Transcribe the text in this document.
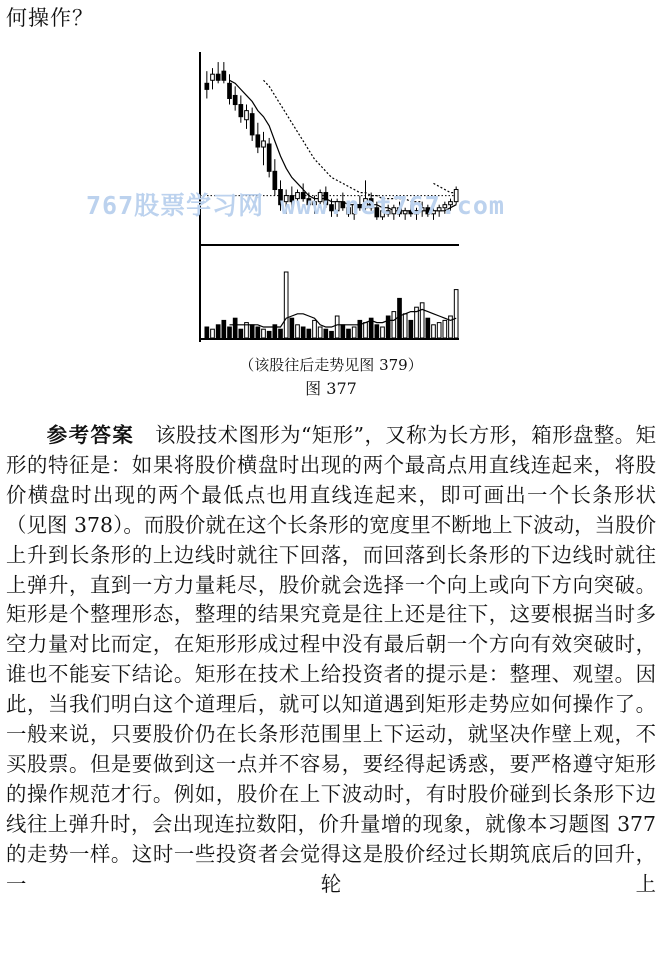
何操作？
767股票学习网 www.net767.com
（该股往后走势见图 379）
图 377

参考答案 该股技术图形为“矩形”，又称为长方形，箱形盘整。矩形的特征是：如果将股价横盘时出现的两个最高点用直线连起来，将股价横盘时出现的两个最低点也用直线连起来，即可画出一个长条形状（见图 378）。而股价就在这个长条形的宽度里不断地上下波动，当股价上升到长条形的上边线时就往下回落，而回落到长条形的下边线时就往上弹升，直到一方力量耗尽，股价就会选择一个向上或向下方向突破。矩形是个整理形态，整理的结果究竟是往上还是往下，这要根据当时多空力量对比而定，在矩形形成过程中没有最后朝一个方向有效突破时，谁也不能妄下结论。矩形在技术上给投资者的提示是：整理、观望。因此，当我们明白这个道理后，就可以知道遇到矩形走势应如何操作了。一般来说，只要股价仍在长条形范围里上下运动，就坚决作壁上观，不买股票。但是要做到这一点并不容易，要经得起诱惑，要严格遵守矩形的操作规范才行。例如，股价在上下波动时，有时股价碰到长条形下边线往上弹升时，会出现连拉数阳，价升量增的现象，就像本习题图 377 的走势一样。这时一些投资者会觉得这是股价经过长期筑底后的回升，一轮上
